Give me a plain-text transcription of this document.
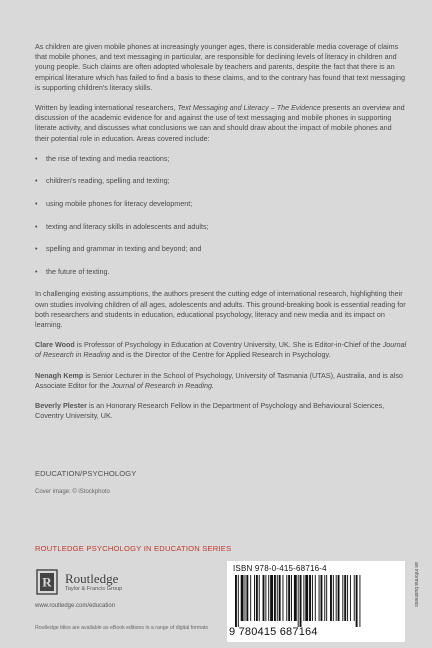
As children are given mobile phones at increasingly younger ages, there is considerable media coverage of claims that mobile phones, and text messaging in particular, are responsible for declining levels of literacy in children and young people. Such claims are often adopted wholesale by teachers and parents, despite the fact that there is an empirical literature which has failed to find a basis to these claims, and to the contrary has found that text messaging is supporting children's literacy skills.

Written by leading international researchers, Text Messaging and Literacy – The Evidence presents an overview and discussion of the academic evidence for and against the use of text messaging and mobile phones in supporting literate activity, and discusses what conclusions we can and should draw about the impact of mobile phones and their potential role in education. Areas covered include:

• the rise of texting and media reactions;
• children's reading, spelling and texting;
• using mobile phones for literacy development;
• texting and literacy skills in adolescents and adults;
• spelling and grammar in texting and beyond; and
• the future of texting.

In challenging existing assumptions, the authors present the cutting edge of international research, highlighting their own studies involving children of all ages, adolescents and adults. This ground-breaking book is essential reading for both researchers and students in education, educational psychology, literacy and new media and its impact on learning.

Clare Wood is Professor of Psychology in Education at Coventry University, UK. She is Editor-in-Chief of the Journal of Research in Reading and is the Director of the Centre for Applied Research in Psychology.

Nenagh Kemp is Senior Lecturer in the School of Psychology, University of Tasmania (UTAS), Australia, and is also Associate Editor for the Journal of Research in Reading.

Beverly Plester is an Honorary Research Fellow in the Department of Psychology and Behavioural Sciences, Coventry University, UK.

EDUCATION/PSYCHOLOGY
Cover image: © iStockphoto
ROUTLEDGE PSYCHOLOGY IN EDUCATION SERIES
R Routledge
Taylor & Francis Group
www.routledge.com/education
Routledge titles are available as eBook editions in a range of digital formats
ISBN 978-0-415-68716-4
9 780415 687164
an informa business
